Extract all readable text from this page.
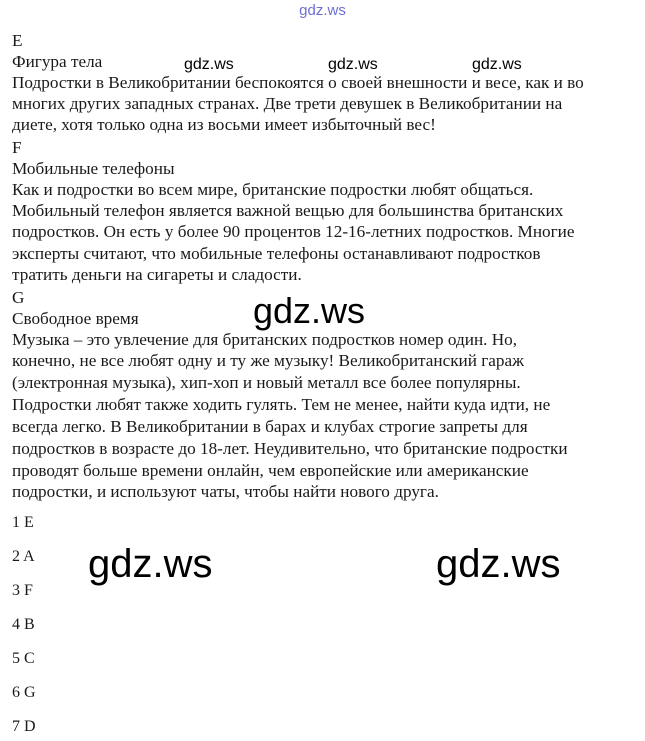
gdz.ws
gdz.ws	gdz.ws	gdz.ws
gdz.ws
gdz.ws	gdz.ws
E
Фигура тела
Подростки в Великобритании беспокоятся о своей внешности и весе, как и во
многих других западных странах. Две трети девушек в Великобритании на
диете, хотя только одна из восьми имеет избыточный вес!
F
Мобильные телефоны
Как и подростки во всем мире, британские подростки любят общаться.
Мобильный телефон является важной вещью для большинства британских
подростков. Он есть у более 90 процентов 12-16-летних подростков. Многие
эксперты считают, что мобильные телефоны останавливают подростков
тратить деньги на сигареты и сладости.
G
Свободное время
Музыка – это увлечение для британских подростков номер один. Но,
конечно, не все любят одну и ту же музыку! Великобританский гараж
(электронная музыка), хип-хоп и новый металл все более популярны.
Подростки любят также ходить гулять. Тем не менее, найти куда идти, не
всегда легко. В Великобритании в барах и клубах строгие запреты для
подростков в возрасте до 18-лет. Неудивительно, что британские подростки
проводят больше времени онлайн, чем европейские или американские
подростки, и используют чаты, чтобы найти нового друга.
1 E
2 A
3 F
4 B
5 C
6 G
7 D
